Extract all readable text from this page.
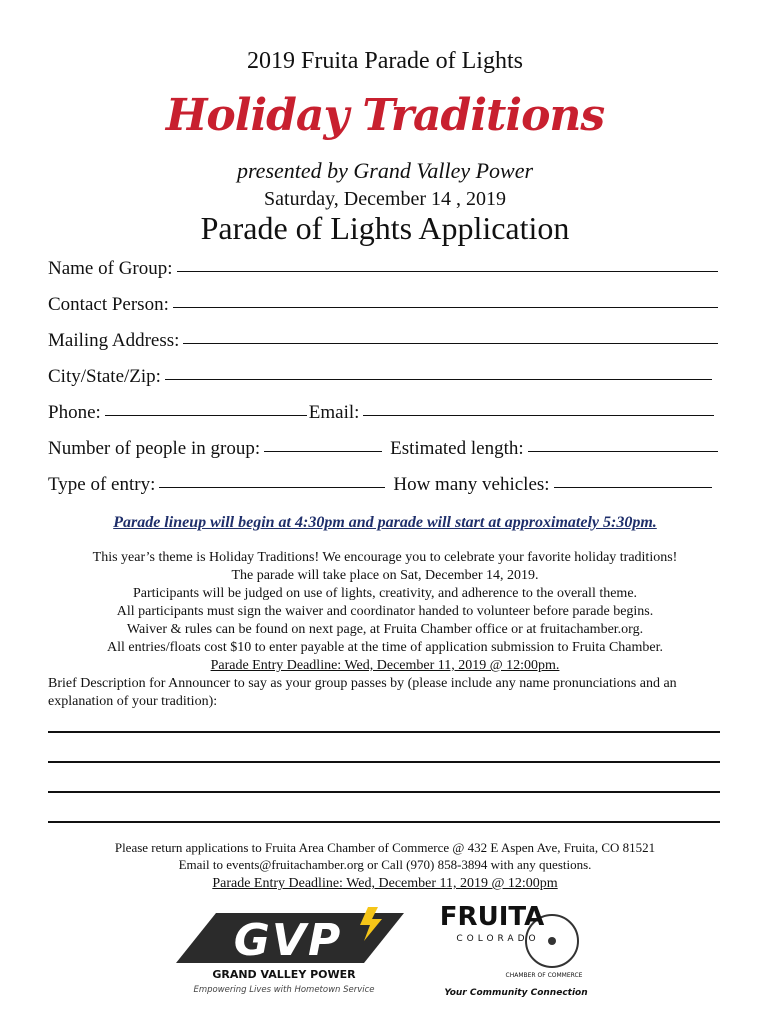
2019 Fruita Parade of Lights
Holiday Traditions
presented by Grand Valley Power
Saturday, December 14 , 2019
Parade of Lights Application
Name of Group:
Contact Person:
Mailing Address:
City/State/Zip:
Phone:	Email:
Number of people in group:	Estimated length:
Type of entry:	How many vehicles:
Parade lineup will begin at 4:30pm and parade will start at approximately 5:30pm.
This year’s theme is Holiday Traditions! We encourage you to celebrate your favorite holiday traditions!
The parade will take place on Sat, December 14, 2019.
Participants will be judged on use of lights, creativity, and adherence to the overall theme.
All participants must sign the waiver and coordinator handed to volunteer before parade begins.
Waiver & rules can be found on next page, at Fruita Chamber office or at fruitachamber.org.
All entries/floats cost $10 to enter payable at the time of application submission to Fruita Chamber.
Parade Entry Deadline: Wed, December 11, 2019 @ 12:00pm.
Brief Description for Announcer to say as your group passes by (please include any name pronunciations and an explanation of your tradition):
Please return applications to Fruita Area Chamber of Commerce @ 432 E Aspen Ave, Fruita, CO 81521
Email to events@fruitachamber.org or Call (970) 858-3894 with any questions.
Parade Entry Deadline: Wed, December 11, 2019 @ 12:00pm
GVP
GRAND VALLEY POWER
Empowering Lives with Hometown Service
FRUITA
COLORADO
CHAMBER OF COMMERCE
Your Community Connection
